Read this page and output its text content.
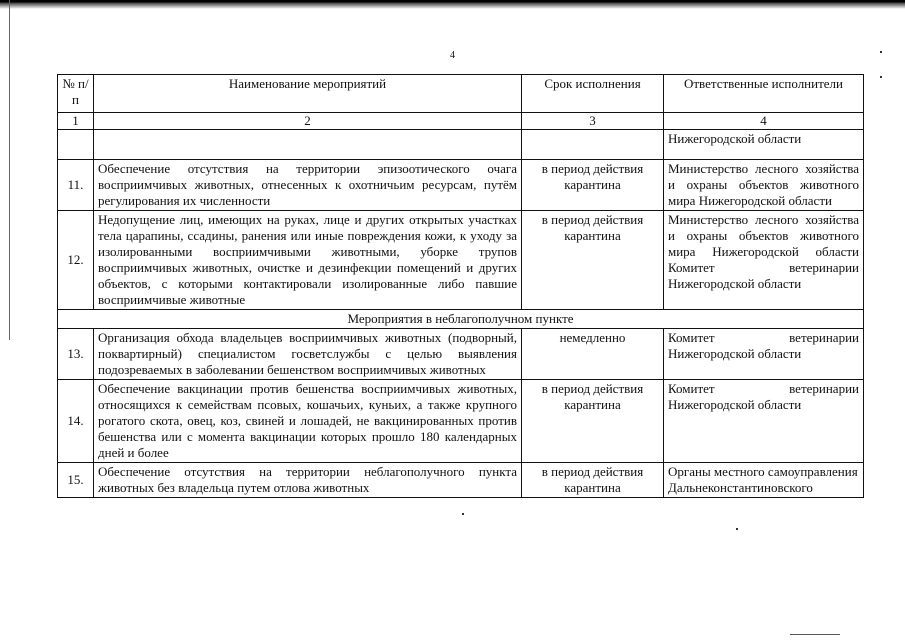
4
№ п/п	Наименование мероприятий	Срок исполнения	Ответственные исполнители
1	2	3	4
			Нижегородской области
11.	Обеспечение отсутствия на территории эпизоотического очага восприимчивых животных, отнесенных к охотничьим ресурсам, путём регулирования их численности	в период действия карантина	Министерство лесного хозяйства и охраны объектов животного мира Нижегородской области
12.	Недопущение лиц, имеющих на руках, лице и других открытых участках тела царапины, ссадины, ранения или иные повреждения кожи, к уходу за изолированными восприимчивыми животными, уборке трупов восприимчивых животных, очистке и дезинфекции помещений и других объектов, с которыми контактировали изолированные либо павшие восприимчивые животные	в период действия карантина	Министерство лесного хозяйства и охраны объектов животного мира Нижегородской области Комитет ветеринарии Нижегородской области
Мероприятия в неблагополучном пункте			
13.	Организация обхода владельцев восприимчивых животных (подворный, поквартирный) специалистом госветслужбы с целью выявления подозреваемых в заболевании бешенством восприимчивых животных	немедленно	Комитет ветеринарии Нижегородской области
14.	Обеспечение вакцинации против бешенства восприимчивых животных, относящихся к семействам псовых, кошачьих, куньих, а также крупного рогатого скота, овец, коз, свиней и лошадей, не вакцинированных против бешенства или с момента вакцинации которых прошло 180 календарных дней и более	в период действия карантина	Комитет ветеринарии Нижегородской области
15.	Обеспечение отсутствия на территории неблагополучного пункта животных без владельца путем отлова животных	в период действия карантина	Органы местного самоуправления Дальнеконстантиновского
